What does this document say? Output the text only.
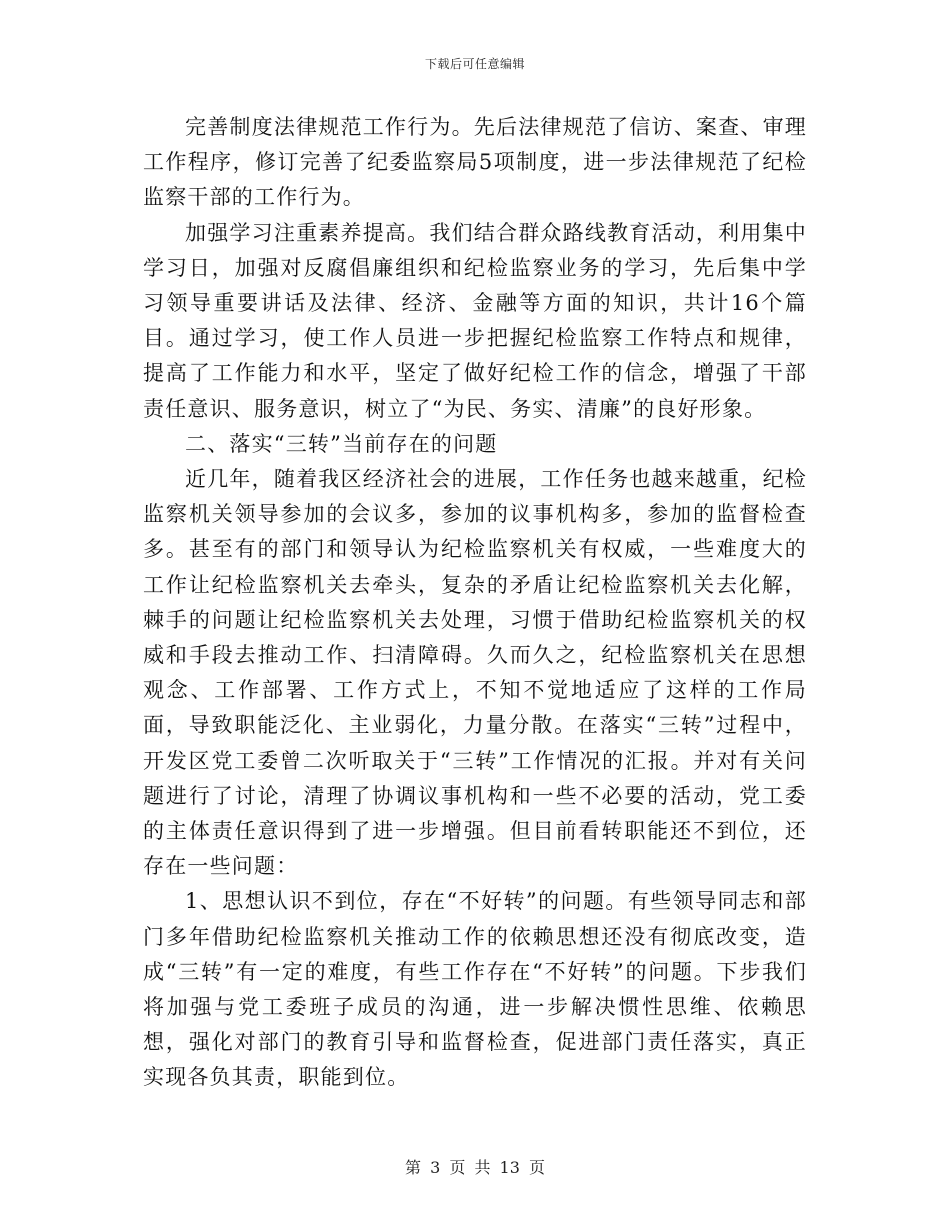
下载后可任意编辑

完善制度法律规范工作行为。先后法律规范了信访、案查、审理工作程序，修订完善了纪委监察局5项制度，进一步法律规范了纪检监察干部的工作行为。

加强学习注重素养提高。我们结合群众路线教育活动，利用集中学习日，加强对反腐倡廉组织和纪检监察业务的学习，先后集中学习领导重要讲话及法律、经济、金融等方面的知识，共计16个篇目。通过学习，使工作人员进一步把握纪检监察工作特点和规律，提高了工作能力和水平，坚定了做好纪检工作的信念，增强了干部责任意识、服务意识，树立了“为民、务实、清廉”的良好形象。

二、落实“三转”当前存在的问题

近几年，随着我区经济社会的进展，工作任务也越来越重，纪检监察机关领导参加的会议多，参加的议事机构多，参加的监督检查多。甚至有的部门和领导认为纪检监察机关有权威，一些难度大的工作让纪检监察机关去牵头，复杂的矛盾让纪检监察机关去化解，棘手的问题让纪检监察机关去处理，习惯于借助纪检监察机关的权威和手段去推动工作、扫清障碍。久而久之，纪检监察机关在思想观念、工作部署、工作方式上，不知不觉地适应了这样的工作局面，导致职能泛化、主业弱化，力量分散。在落实“三转”过程中，开发区党工委曾二次听取关于“三转”工作情况的汇报。并对有关问题进行了讨论，清理了协调议事机构和一些不必要的活动，党工委的主体责任意识得到了进一步增强。但目前看转职能还不到位，还存在一些问题：

1、思想认识不到位，存在“不好转”的问题。有些领导同志和部门多年借助纪检监察机关推动工作的依赖思想还没有彻底改变，造成“三转”有一定的难度，有些工作存在“不好转”的问题。下步我们将加强与党工委班子成员的沟通，进一步解决惯性思维、依赖思想，强化对部门的教育引导和监督检查，促进部门责任落实，真正实现各负其责，职能到位。

第 3 页 共 13 页
